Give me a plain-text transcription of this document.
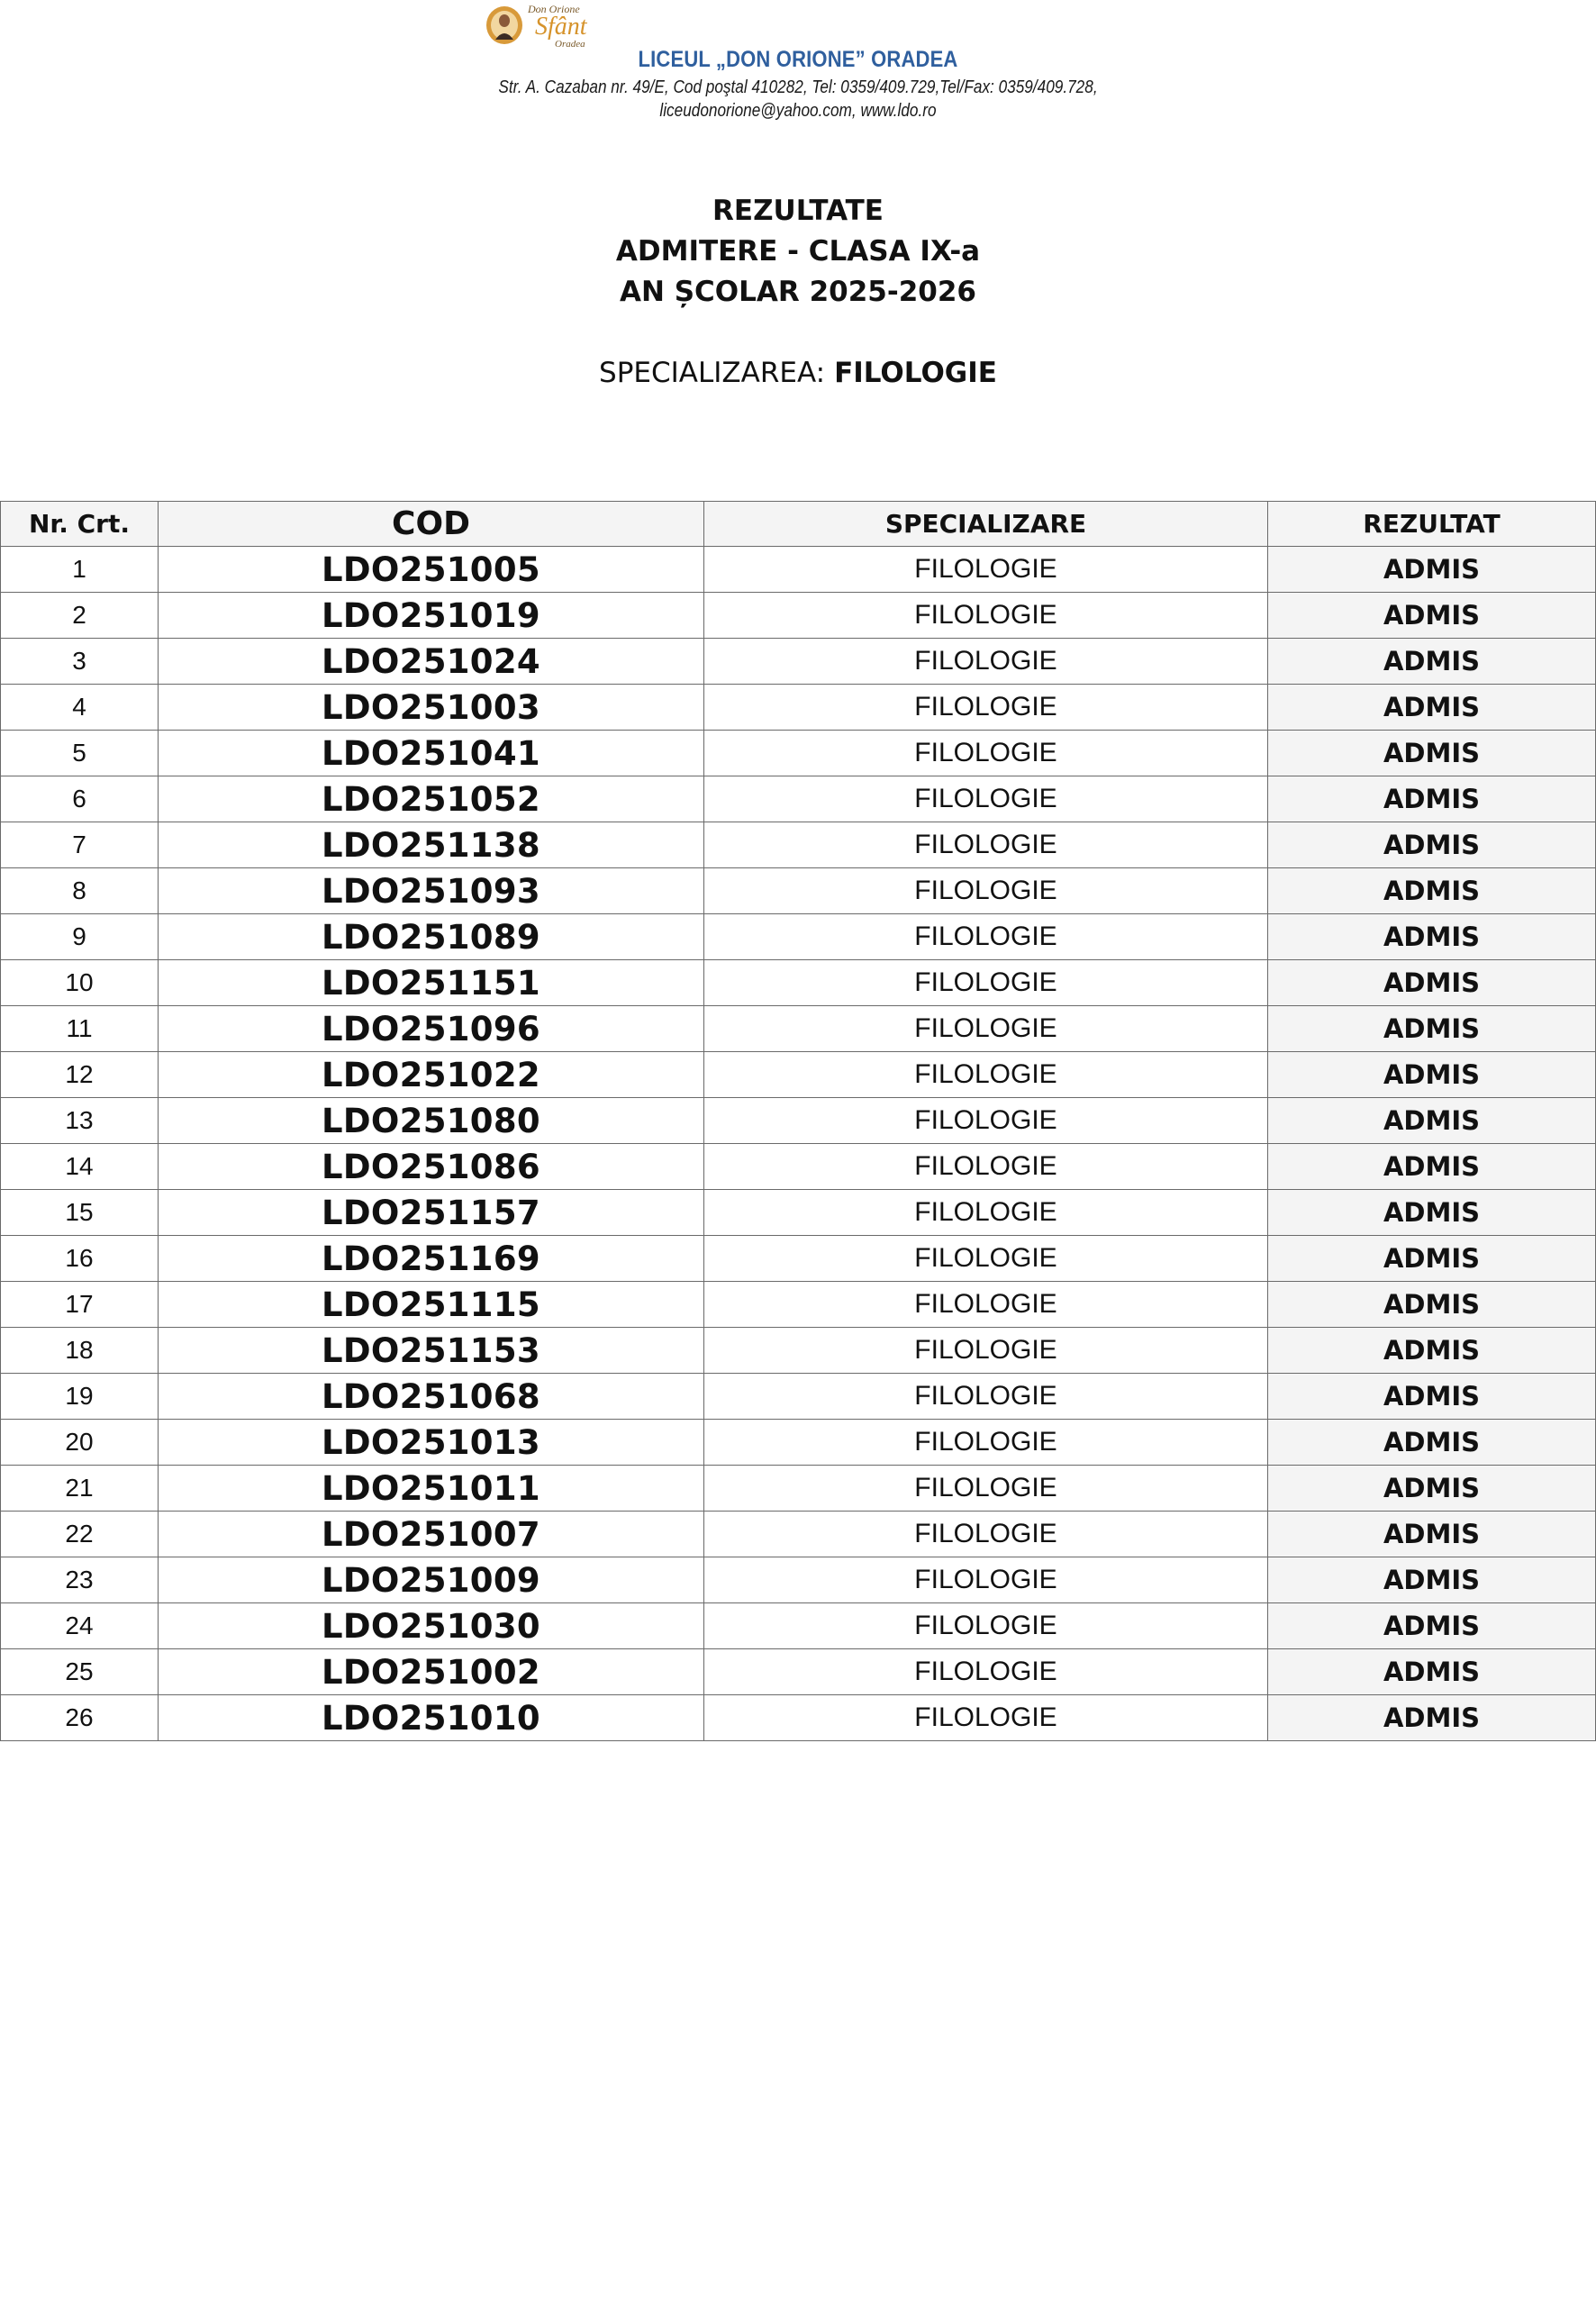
Don Orione
Sfânt
Oradea
LICEUL „DON ORIONE” ORADEA
Str. A. Cazaban nr. 49/E, Cod poştal 410282, Tel: 0359/409.729,Tel/Fax: 0359/409.728,
liceudonorione@yahoo.com, www.ldo.ro
REZULTATE
ADMITERE - CLASA IX-a
AN ȘCOLAR 2025-2026
SPECIALIZAREA: FILOLOGIE
Nr. Crt.	COD	SPECIALIZARE	REZULTAT
1	LDO251005	FILOLOGIE	ADMIS
2	LDO251019	FILOLOGIE	ADMIS
3	LDO251024	FILOLOGIE	ADMIS
4	LDO251003	FILOLOGIE	ADMIS
5	LDO251041	FILOLOGIE	ADMIS
6	LDO251052	FILOLOGIE	ADMIS
7	LDO251138	FILOLOGIE	ADMIS
8	LDO251093	FILOLOGIE	ADMIS
9	LDO251089	FILOLOGIE	ADMIS
10	LDO251151	FILOLOGIE	ADMIS
11	LDO251096	FILOLOGIE	ADMIS
12	LDO251022	FILOLOGIE	ADMIS
13	LDO251080	FILOLOGIE	ADMIS
14	LDO251086	FILOLOGIE	ADMIS
15	LDO251157	FILOLOGIE	ADMIS
16	LDO251169	FILOLOGIE	ADMIS
17	LDO251115	FILOLOGIE	ADMIS
18	LDO251153	FILOLOGIE	ADMIS
19	LDO251068	FILOLOGIE	ADMIS
20	LDO251013	FILOLOGIE	ADMIS
21	LDO251011	FILOLOGIE	ADMIS
22	LDO251007	FILOLOGIE	ADMIS
23	LDO251009	FILOLOGIE	ADMIS
24	LDO251030	FILOLOGIE	ADMIS
25	LDO251002	FILOLOGIE	ADMIS
26	LDO251010	FILOLOGIE	ADMIS
